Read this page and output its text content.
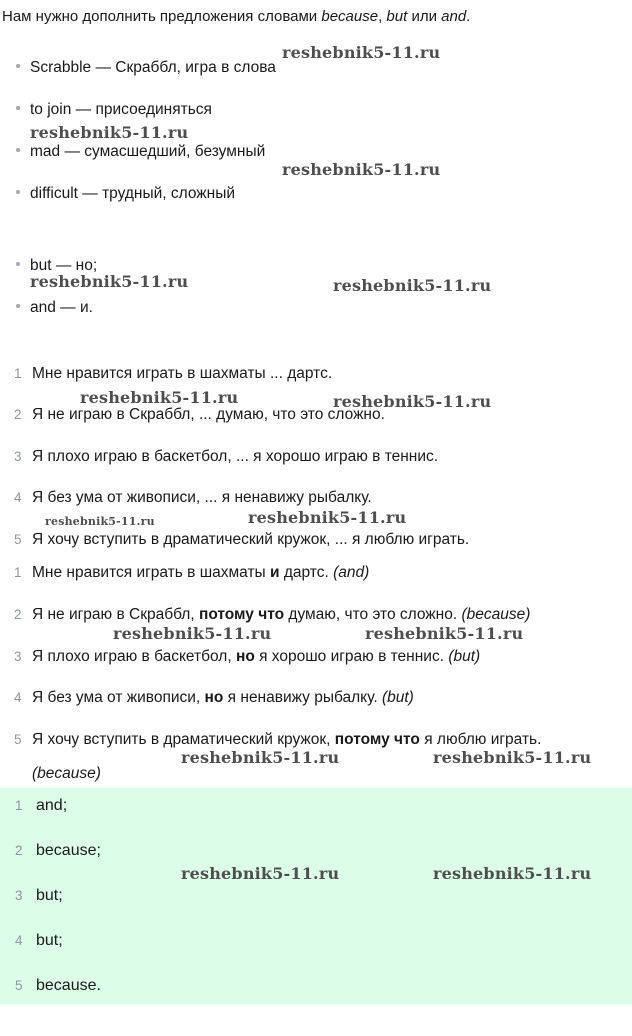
Нам нужно дополнить предложения словами because, but или and.
Scrabble — Скраббл, игра в слова
to join — присоединяться
mad — сумасшедший, безумный
difficult — трудный, сложный
but — но;
and — и.
1 Мне нравится играть в шахматы ... дартс.
2 Я не играю в Скраббл, ... думаю, что это сложно.
3 Я плохо играю в баскетбол, ... я хорошо играю в теннис.
4 Я без ума от живописи, ... я ненавижу рыбалку.
5 Я хочу вступить в драматический кружок, ... я люблю играть.
1 Мне нравится играть в шахматы и дартс. (and)
2 Я не играю в Скраббл, потому что думаю, что это сложно. (because)
3 Я плохо играю в баскетбол, но я хорошо играю в теннис. (but)
4 Я без ума от живописи, но я ненавижу рыбалку. (but)
5 Я хочу вступить в драматический кружок, потому что я люблю играть.
(because)
1 and;
2 because;
3 but;
4 but;
5 because.
reshebnik5-11.ru
reshebnik5-11.ru
reshebnik5-11.ru
reshebnik5-11.ru	reshebnik5-11.ru
reshebnik5-11.ru	reshebnik5-11.ru
reshebnik5-11.ru	reshebnik5-11.ru
reshebnik5-11.ru	reshebnik5-11.ru
reshebnik5-11.ru	reshebnik5-11.ru
reshebnik5-11.ru	reshebnik5-11.ru
